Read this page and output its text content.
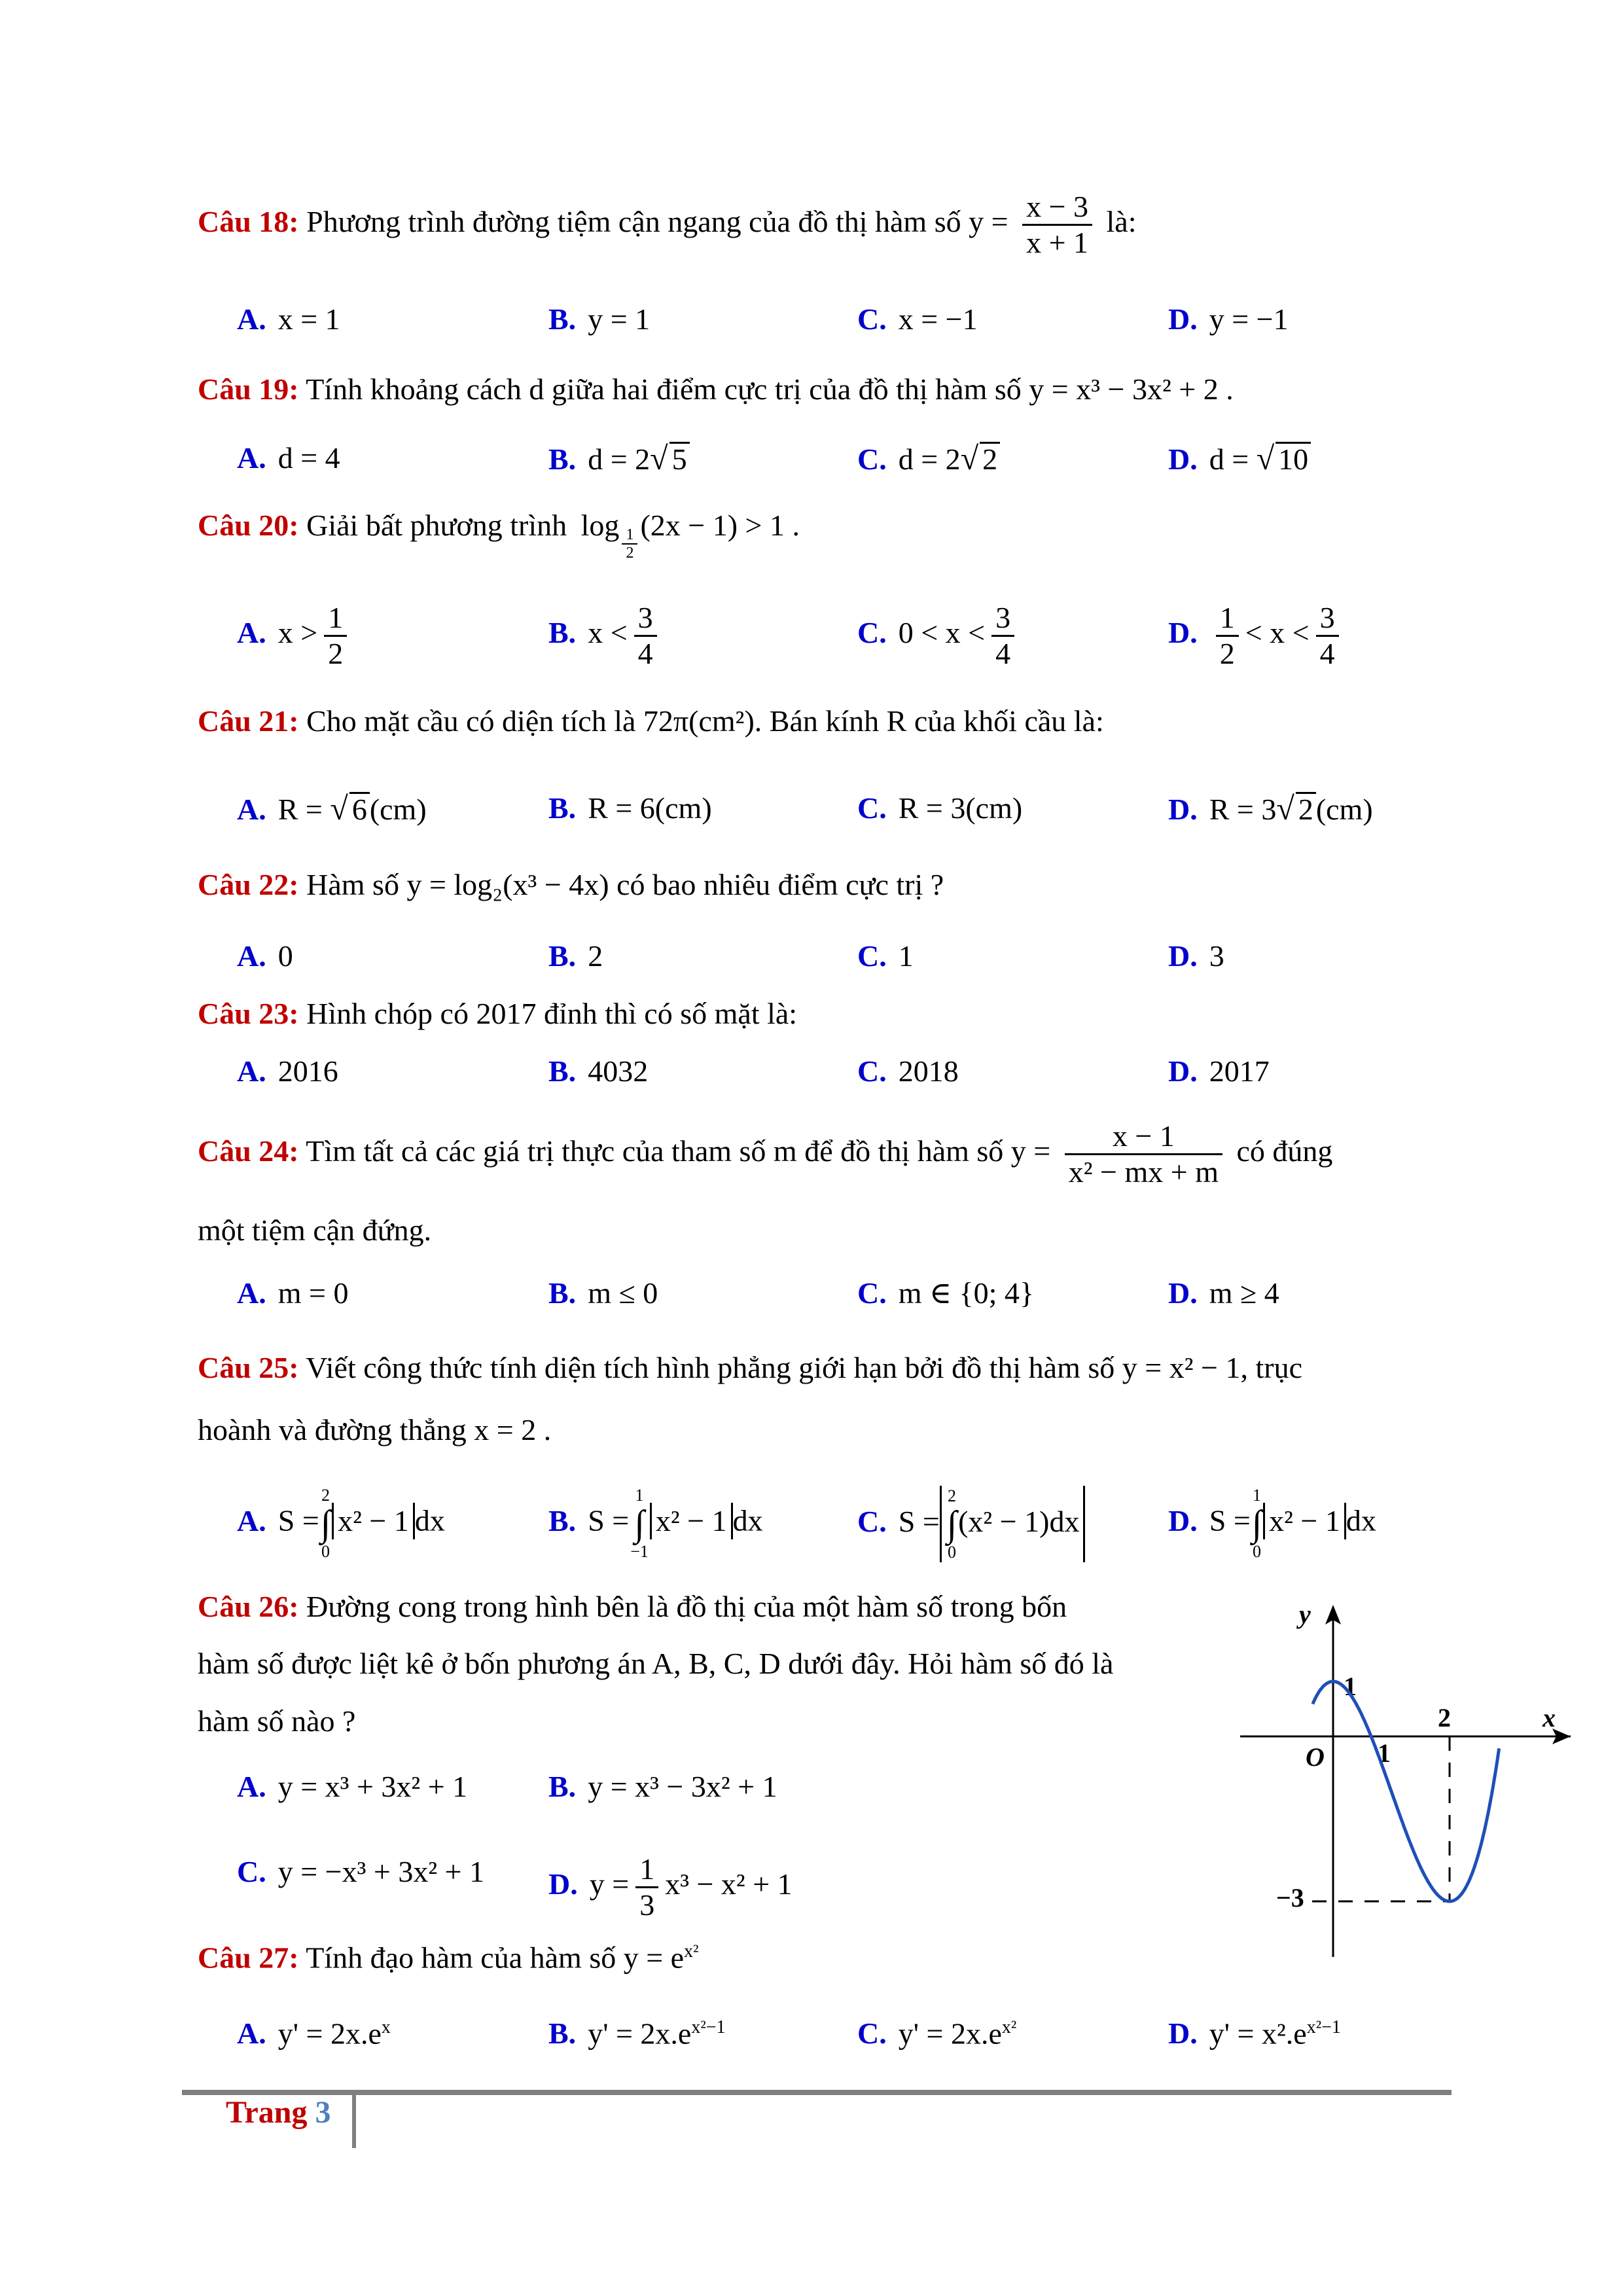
Câu 18: Phương trình đường tiệm cận ngang của đồ thị hàm số $y = \frac{x - 3}{x + 1}$ là:
A. x = 1	B. y = 1	C. x = −1	D. y = −1
Câu 19: Tính khoảng cách d giữa hai điểm cực trị của đồ thị hàm số y = x³ − 3x² + 2 .
A. d = 4	B. d = 2√ 5	C. d = 2√ 2	D. d = √ 10
Câu 20: Giải bất phương trình log
$\frac{1}{2}$
(2x − 1) > 1 .
A. $x > \frac{1}{2}$	B. $x < \frac{3}{4}$	C. $0 < x < \frac{3}{4}$	D. $\frac{1}{2} < x < \frac{3}{4}$
Câu 21: Cho mặt cầu có diện tích là 72π(cm²). Bán kính R của khối cầu là:
A. R = √ 6(cm)	B. R = 6(cm)	C. R = 3(cm)	D. R = 3√ 2(cm)
Câu 22: Hàm số y = log₂(x³ − 4x) có bao nhiêu điểm cực trị ?
A. 0	B. 2	C. 1	D. 3
Câu 23: Hình chóp có 2017 đỉnh thì có số mặt là:
A. 2016	B. 4032	C. 2018	D. 2017
Câu 24: Tìm tất cả các giá trị thực của tham số m để đồ thị hàm số $y = \frac{x - 1}{\text{x² − mx + m}}$ có đúng
một tiệm cận đứng.
A. m = 0	B. m ≤ 0	C. m ∈ {0; 4}	D. m ≥ 4
Câu 25: Viết công thức tính diện tích hình phẳng giới hạn bởi đồ thị hàm số y = x² − 1, trục
hoành và đường thẳng x = 2 .
A. S =
2
∫
0
x² − 1 dx	B. S =
1
∫
−1
x² − 1 dx	C. S =
2
∫
0
(x² − 1)dx	D. S =
1
∫
0
x² − 1 dx
Câu 26: Đường cong trong hình bên là đồ thị của một hàm số trong bốn
hàm số được liệt kê ở bốn phương án A, B, C, D dưới đây. Hỏi hàm số đó là
hàm số nào ?
A. y = x³ + 3x² + 1	B. y = x³ − 3x² + 1
C. y = −x³ + 3x² + 1 D. $y = \frac{1}{3} x^3 - x^2 + 1$
y
x
O
1
1
2
−3
Câu 27: Tính đạo hàm của hàm số $y = e^{x^2}$
A. $y' = 2x.e^x$	B. $y' = 2x.e^{x^2-1}$	C. $y' = 2x.e^{x^2}$	D. $y' = x^2.e^{x^2-1}$
Trang 3
